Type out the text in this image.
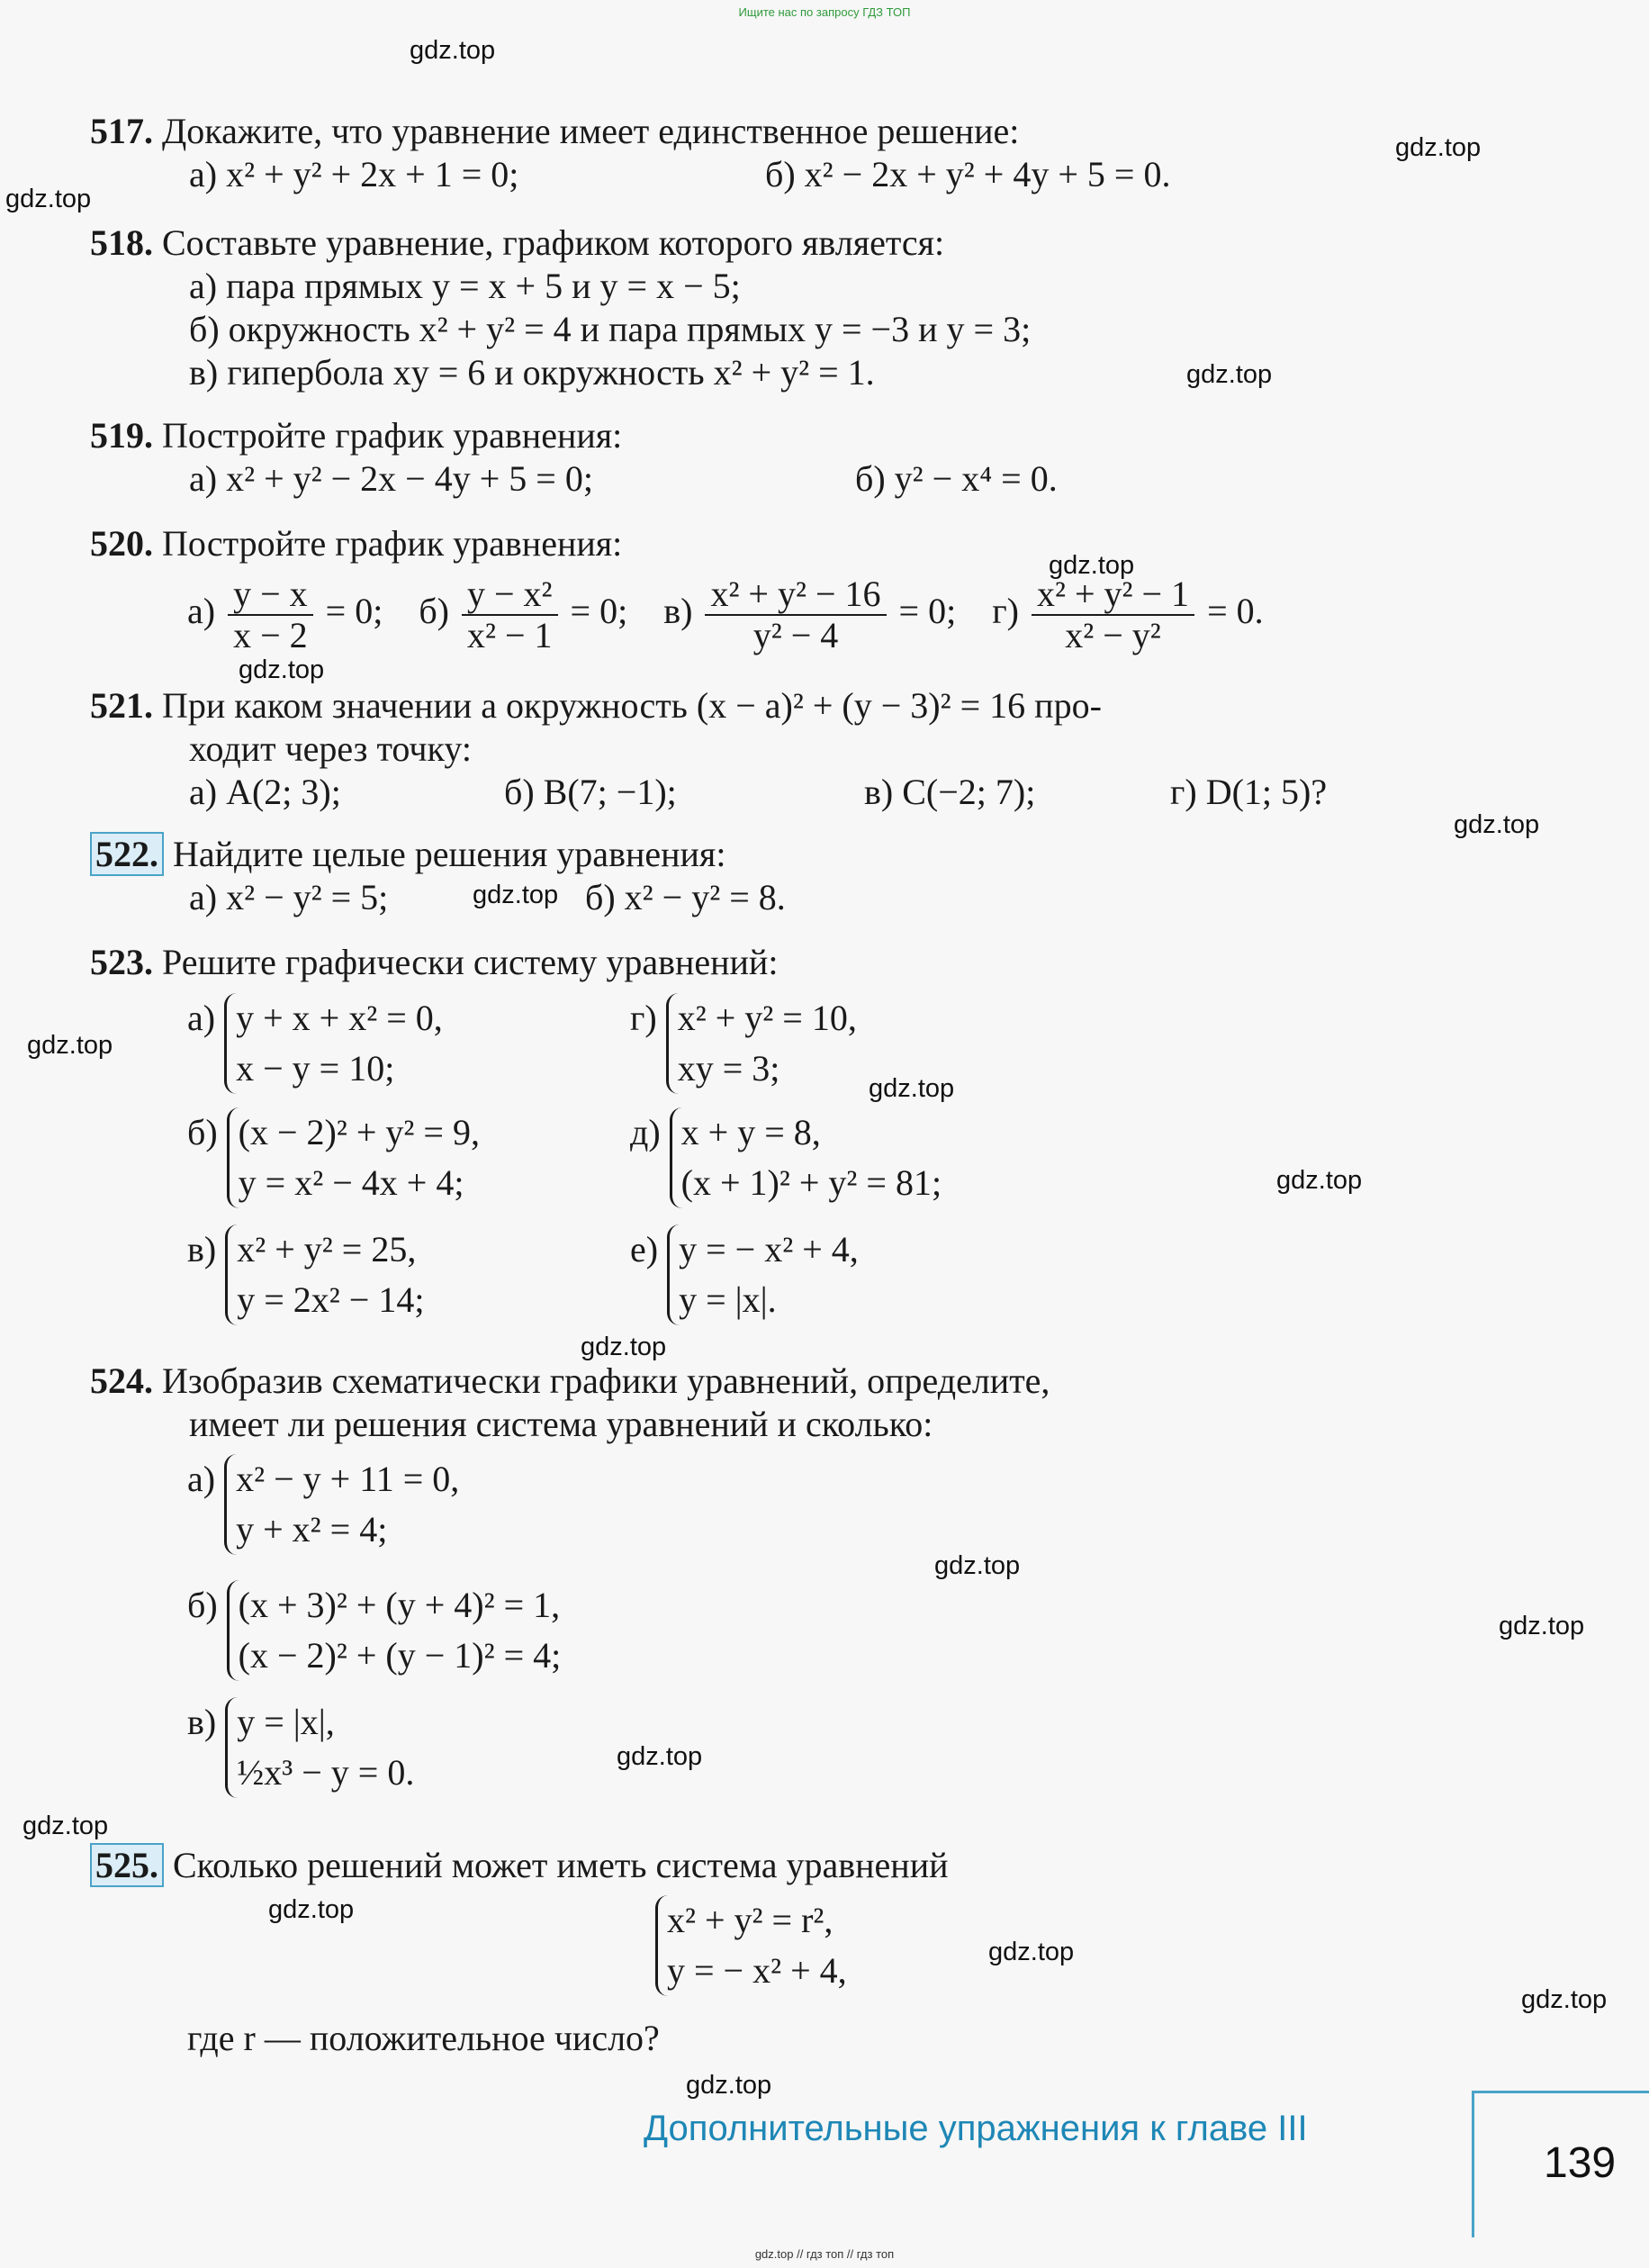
Ищите нас по запросу ГДЗ ТОП
gdz.top
gdz.top
gdz.top
gdz.top
gdz.top
gdz.top
gdz.top
gdz.top
gdz.top
gdz.top
gdz.top
gdz.top
gdz.top
gdz.top
gdz.top
gdz.top
gdz.top
gdz.top
gdz.top
gdz.top
517. Докажите, что уравнение имеет единственное решение:
а) x² + y² + 2x + 1 = 0;	б) x² − 2x + y² + 4y + 5 = 0.
518. Составьте уравнение, графиком которого является:
а) пара прямых y = x + 5 и y = x − 5;
б) окружность x² + y² = 4 и пара прямых y = −3 и y = 3;
в) гипербола xy = 6 и окружность x² + y² = 1.
519. Постройте график уравнения:
а) x² + y² − 2x − 4y + 5 = 0;	б) y² − x⁴ = 0.
520. Постройте график уравнения:
$а) \frac{y - x}{x - 2} = 0$; $б) \frac{\text{y − x²}}{\text{x² − 1}} = 0$; $в) \frac{\text{x² + y² − 16}}{\text{y² − 4}} = 0$; $г) \frac{\text{x² + y² − 1}}{\text{x² − y²}} = 0$.
521. При каком значении a окружность (x − a)² + (y − 3)² = 16 про-
ходит через точку:
а) A(2; 3);	б) B(7; −1);	в) C(−2; 7);	г) D(1; 5)?
522. Найдите целые решения уравнения:
а) x² − y² = 5;	б) x² − y² = 8.
523. Решите графически систему уравнений:
а) y + x + x² = 0,
x − y = 10;
г) x² + y² = 10,
xy = 3;
б) (x − 2)² + y² = 9,
y = x² − 4x + 4;
д) x + y = 8,
(x + 1)² + y² = 81;
в) x² + y² = 25,
y = 2x² − 14;
е) y = − x² + 4,
y = |x|.
524. Изобразив схематически графики уравнений, определите,
имеет ли решения система уравнений и сколько:
а) x² − y + 11 = 0,
y + x² = 4;
б) (x + 3)² + (y + 4)² = 1,
(x − 2)² + (y − 1)² = 4;
в) y = |x|,
½x³ − y = 0.
525. Сколько решений может иметь система уравнений
x² + y² = r²,
y = − x² + 4,
где r — положительное число?
Дополнительные упражнения к главе III
139
gdz.top // гдз топ // гдз топ
